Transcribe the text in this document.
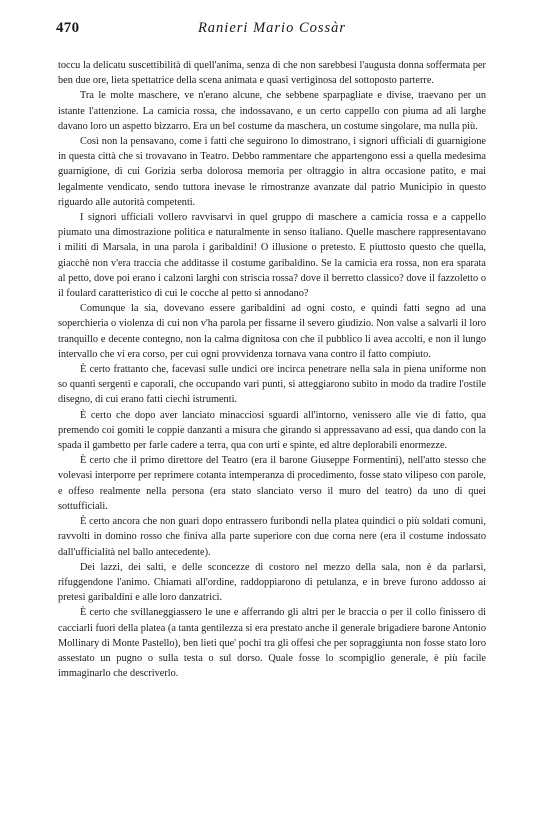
470	Ranieri Mario Cossàr

toccu la delicatu suscettibilità di quell'anima, senza di che non sarebbesi l'augusta donna soffermata per ben due ore, lieta spettatrice della scena animata e quasi vertiginosa del sottoposto parterre.

Tra le molte maschere, ve n'erano alcune, che sebbene sparpagliate e divise, traevano per un istante l'attenzione. La camicia rossa, che indossavano, e un certo cappello con piuma ad ali larghe davano loro un aspetto bizzarro. Era un bel costume da maschera, un costume singolare, ma nulla più.

Così non la pensavano, come i fatti che seguirono lo dimostrano, i signori ufficiali di guarnigione in questa città che si trovavano in Teatro. Debbo rammentare che appartengono essi a quella medesima guarnigione, di cui Gorizia serba dolorosa memoria per oltraggio in altra occasione patito, e mai legalmente vendicato, sendo tuttora inevase le rimostranze avanzate dal patrio Municipio in questo riguardo alle autorità competenti.

I signori ufficiali vollero ravvisarvi in quel gruppo di maschere a camicia rossa e a cappello piumato una dimostrazione politica e naturalmente in senso italiano. Quelle maschere rappresentavano i militi di Marsala, in una parola i garibaldini! O illusione o pretesto. E piuttosto questo che quella, giacchè non v'era traccia che additasse il costume garibaldino. Se la camicia era rossa, non era sparata al petto, dove poi erano i calzoni larghi con striscia rossa? dove il berretto classico? dove il fazzoletto o il foulard caratteristico di cui le cocche al petto si annodano?

Comunque la sia, dovevano essere garibaldini ad ogni costo, e quindi fatti segno ad una soperchieria o violenza di cui non v'ha parola per fissarne il severo giudizio. Non valse a salvarli il loro tranquillo e decente contegno, non la calma dignitosa con che il pubblico li avea accolti, e non il lungo intervallo che vi era corso, per cui ogni provvidenza tornava vana contro il fatto compiuto.

È certo frattanto che, facevasi sulle undici ore incirca penetrare nella sala in piena uniforme non so quanti sergenti e caporali, che occupando vari punti, si atteggiarono subito in modo da tradire l'ostile disegno, di cui erano fatti ciechi istrumenti.

È certo che dopo aver lanciato minacciosi sguardi all'intorno, venissero alle vie di fatto, qua premendo coi gomiti le coppie danzanti a misura che girando si appressavano ad essi, qua dando con la spada il gambetto per farle cadere a terra, qua con urti e spinte, ed altre deplorabili enormezze.

È certo che il primo direttore del Teatro (era il barone Giuseppe Formentini), nell'atto stesso che volevasi interporre per reprimere cotanta intemperanza di procedimento, fosse stato vilipeso con parole, e offeso realmente nella persona (era stato slanciato verso il muro del teatro) da uno di quei sottufficiali.

È certo ancora che non guari dopo entrassero furibondi nella platea quindici o più soldati comuni, ravvolti in domino rosso che finiva alla parte superiore con due corna nere (era il costume indossato dall'ufficialità nel ballo antecedente).

Dei lazzi, dei salti, e delle sconcezze di costoro nel mezzo della sala, non è da parlarsi, rifuggendone l'animo. Chiamati all'ordine, raddoppiarono di petulanza, e in breve furono addosso ai pretesi garibaldini e alle loro danzatrici.

È certo che svillaneggiassero le une e afferrando gli altri per le braccia o per il collo finissero di cacciarli fuori della platea (a tanta gentilezza si era prestato anche il generale brigadiere barone Antonio Mollinary di Monte Pastello), ben lieti que' pochi tra gli offesi che per sopraggiunta non fosse stato loro assestato un pugno o sulla testa o sul dorso. Quale fosse lo scompiglio generale, è più facile immaginarlo che descriverlo.
